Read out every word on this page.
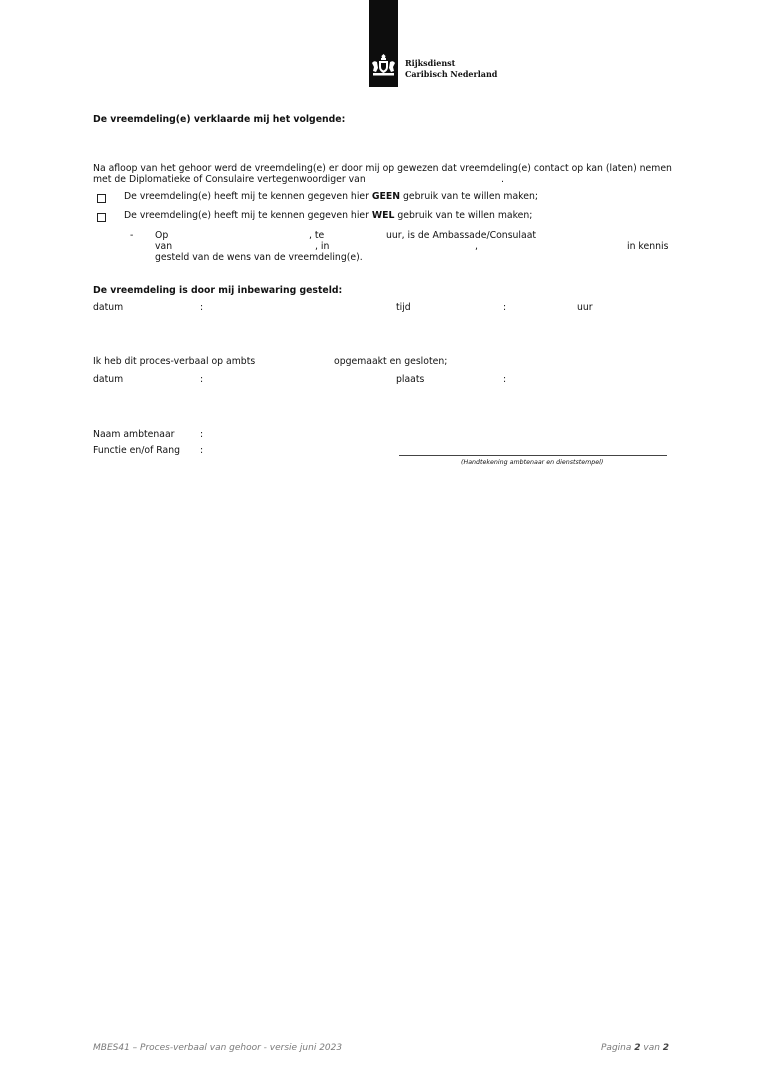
Rijksdienst
Caribisch Nederland
De vreemdeling(e) verklaarde mij het volgende:
Na afloop van het gehoor werd de vreemdeling(e) er door mij op gewezen dat vreemdeling(e) contact op kan (laten) nemen
met de Diplomatieke of Consulaire vertegenwoordiger van	.
De vreemdeling(e) heeft mij te kennen gegeven hier GEEN gebruik van te willen maken;
De vreemdeling(e) heeft mij te kennen gegeven hier WEL gebruik van te willen maken;
- Op	, te	uur, is de Ambassade/Consulaat
van	, in	,	in kennis
gesteld van de wens van de vreemdeling(e).
De vreemdeling is door mij inbewaring gesteld:
datum	:	tijd	:	uur
Ik heb dit proces-verbaal op ambts	opgemaakt en gesloten;
datum	:	plaats	:
Naam ambtenaar	:
Functie en/of Rang :
(Handtekening ambtenaar en dienststempel)
MBES41 – Proces-verbaal van gehoor - versie juni 2023	Pagina 2 van 2
